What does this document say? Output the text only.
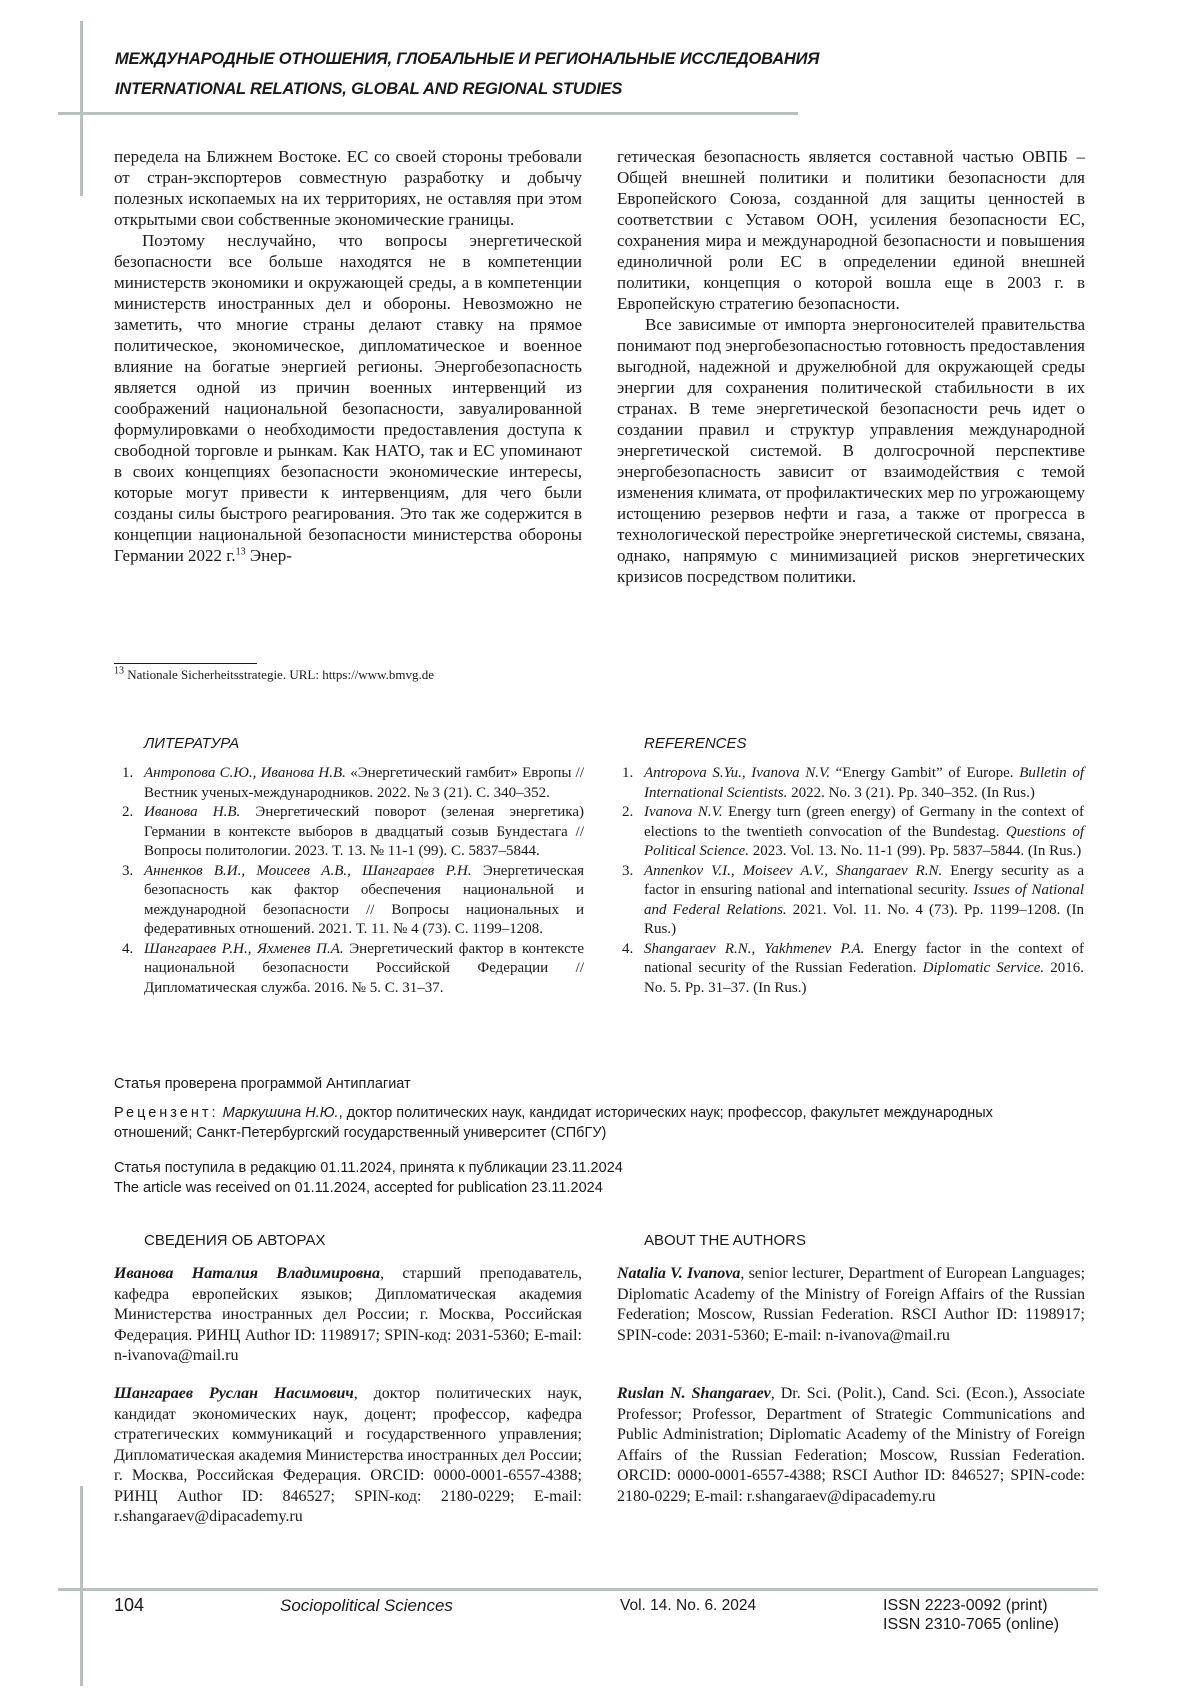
МЕЖДУНАРОДНЫЕ ОТНОШЕНИЯ, ГЛОБАЛЬНЫЕ И РЕГИОНАЛЬНЫЕ ИССЛЕДОВАНИЯ
INTERNATIONAL RELATIONS, GLOBAL AND REGIONAL STUDIES

передела на Ближнем Востоке. ЕС со своей стороны требовали от стран-экспортеров совместную разработку и добычу полезных ископаемых на их территориях, не оставляя при этом открытыми свои собственные экономические границы.

Поэтому неслучайно, что вопросы энергетической безопасности все больше находятся не в компетенции министерств экономики и окружающей среды, а в компетенции министерств иностранных дел и обороны. Невозможно не заметить, что многие страны делают ставку на прямое политическое, экономическое, дипломатическое и военное влияние на богатые энергией регионы. Энергобезопасность является одной из причин военных интервенций из соображений национальной безопасности, завуалированной формулировками о необходимости предоставления доступа к свободной торговле и рынкам. Как НАТО, так и ЕС упоминают в своих концепциях безопасности экономические интересы, которые могут привести к интервенциям, для чего были созданы силы быстрого реагирования. Это так же содержится в концепции национальной безопасности министерства обороны Германии 2022 г.$^{13}$ Энер-

гетическая безопасность является составной частью ОВПБ – Общей внешней политики и политики безопасности для Европейского Союза, созданной для защиты ценностей в соответствии с Уставом ООН, усиления безопасности ЕС, сохранения мира и международной безопасности и повышения единоличной роли ЕС в определении единой внешней политики, концепция о которой вошла еще в 2003 г. в Европейскую стратегию безопасности.

Все зависимые от импорта энергоносителей правительства понимают под энергобезопасностью готовность предоставления выгодной, надежной и дружелюбной для окружающей среды энергии для сохранения политической стабильности в их странах. В теме энергетической безопасности речь идет о создании правил и структур управления международной энергетической системой. В долгосрочной перспективе энергобезопасность зависит от взаимодействия с темой изменения климата, от профилактических мер по угрожающему истощению резервов нефти и газа, а также от прогресса в технологической перестройке энергетической системы, связана, однако, напрямую с минимизацией рисков энергетических кризисов посредством политики.

$^{13}$ Nationale Sicherheitsstrategie. URL: https://www.bmvg.de
ЛИТЕРАТУРА
1. Антропова С.Ю., Иванова Н.В. «Энергетический гамбит» Европы // Вестник ученых-международников. 2022. № 3 (21). С. 340–352.
2. Иванова Н.В. Энергетический поворот (зеленая энергетика) Германии в контексте выборов в двадцатый созыв Бундестага // Вопросы политологии. 2023. Т. 13. № 11-1 (99). С. 5837–5844.
3. Анненков В.И., Моисеев А.В., Шангараев Р.Н. Энергетическая безопасность как фактор обеспечения национальной и международной безопасности // Вопросы национальных и федеративных отношений. 2021. Т. 11. № 4 (73). С. 1199–1208.
4. Шангараев Р.Н., Яхменев П.А. Энергетический фактор в контексте национальной безопасности Российской Федерации // Дипломатическая служба. 2016. № 5. С. 31–37.
REFERENCES
1. Antropova S.Yu., Ivanova N.V. “Energy Gambit” of Europe. Bulletin of International Scientists. 2022. No. 3 (21). Pp. 340–352. (In Rus.)
2. Ivanova N.V. Energy turn (green energy) of Germany in the context of elections to the twentieth convocation of the Bundestag. Questions of Political Science. 2023. Vol. 13. No. 11-1 (99). Pp. 5837–5844. (In Rus.)
3. Annenkov V.I., Moiseev A.V., Shangaraev R.N. Energy security as a factor in ensuring national and international security. Issues of National and Federal Relations. 2021. Vol. 11. No. 4 (73). Pp. 1199–1208. (In Rus.)
4. Shangaraev R.N., Yakhmenev P.A. Energy factor in the context of national security of the Russian Federation. Diplomatic Service. 2016. No. 5. Pp. 31–37. (In Rus.)
Статья проверена программой Антиплагиат
Рецензент: Маркушина Н.Ю., доктор политических наук, кандидат исторических наук; профессор, факультет международных отношений; Санкт-Петербургский государственный университет (СПбГУ)
Статья поступила в редакцию 01.11.2024, принята к публикации 23.11.2024
The article was received on 01.11.2024, accepted for publication 23.11.2024
СВЕДЕНИЯ ОБ АВТОРАХ
Иванова Наталия Владимировна, старший преподаватель, кафедра европейских языков; Дипломатическая академия Министерства иностранных дел России; г. Москва, Российская Федерация. РИНЦ Author ID: 1198917; SPIN-код: 2031-5360; E-mail: n-ivanova@mail.ru
Шангараев Руслан Насимович, доктор политических наук, кандидат экономических наук, доцент; профессор, кафедра стратегических коммуникаций и государственного управления; Дипломатическая академия Министерства иностранных дел России; г. Москва, Российская Федерация. ORCID: 0000-0001-6557-4388; РИНЦ Author ID: 846527; SPIN-код: 2180-0229; E-mail: r.shangaraev@dipacademy.ru
ABOUT THE AUTHORS
Natalia V. Ivanova, senior lecturer, Department of European Languages; Diplomatic Academy of the Ministry of Foreign Affairs of the Russian Federation; Moscow, Russian Federation. RSCI Author ID: 1198917; SPIN-code: 2031-5360; E-mail: n-ivanova@mail.ru
Ruslan N. Shangaraev, Dr. Sci. (Polit.), Cand. Sci. (Econ.), Associate Professor; Professor, Department of Strategic Communications and Public Administration; Diplomatic Academy of the Ministry of Foreign Affairs of the Russian Federation; Moscow, Russian Federation. ORCID: 0000-0001-6557-4388; RSCI Author ID: 846527; SPIN-code: 2180-0229; E-mail: r.shangaraev@dipacademy.ru
104	Sociopolitical Sciences	Vol. 14. No. 6. 2024	ISSN 2223-0092 (print)
ISSN 2310-7065 (online)
